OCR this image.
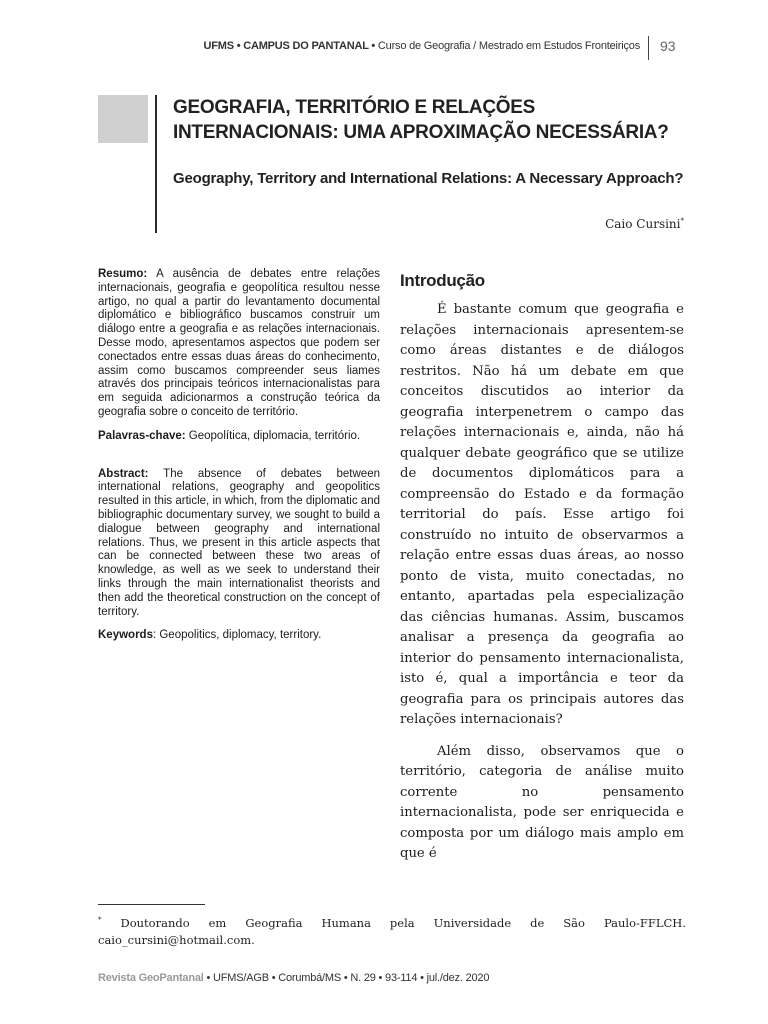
UFMS • CAMPUS DO PANTANAL • Curso de Geografia / Mestrado em Estudos Fronteiriços 93
GEOGRAFIA, TERRITÓRIO E RELAÇÕES INTERNACIONAIS: UMA APROXIMAÇÃO NECESSÁRIA?
Geography, Territory and International Relations: A Necessary Approach?
Caio Cursini*

Resumo: A ausência de debates entre relações internacionais, geografia e geopolítica resultou nesse artigo, no qual a partir do levantamento documental diplomático e bibliográfico buscamos construir um diálogo entre a geografia e as relações internacionais. Desse modo, apresentamos aspectos que podem ser conectados entre essas duas áreas do conhecimento, assim como buscamos compreender seus liames através dos principais teóricos internacionalistas para em seguida adicionarmos a construção teórica da geografia sobre o conceito de território.

Palavras-chave: Geopolítica, diplomacia, território.

Abstract: The absence of debates between international relations, geography and geopolitics resulted in this article, in which, from the diplomatic and bibliographic documentary survey, we sought to build a dialogue between geography and international relations. Thus, we present in this article aspects that can be connected between these two areas of knowledge, as well as we seek to understand their links through the main internationalist theorists and then add the theoretical construction on the concept of territory.

Keywords: Geopolitics, diplomacy, territory.

Introdução

É bastante comum que geografia e relações internacionais apresentem-se como áreas distantes e de diálogos restritos. Não há um debate em que conceitos discutidos ao interior da geografia interpenetrem o campo das relações internacionais e, ainda, não há qualquer debate geográfico que se utilize de documentos diplomáticos para a compreensão do Estado e da formação territorial do país. Esse artigo foi construído no intuito de observarmos a relação entre essas duas áreas, ao nosso ponto de vista, muito conectadas, no entanto, apartadas pela especialização das ciências humanas. Assim, buscamos analisar a presença da geografia ao interior do pensamento internacionalista, isto é, qual a importância e teor da geografia para os principais autores das relações internacionais?

Além disso, observamos que o território, categoria de análise muito corrente no pensamento internacionalista, pode ser enriquecida e composta por um diálogo mais amplo em que é

* Doutorando em Geografia Humana pela Universidade de São Paulo-FFLCH. caio_cursini@hotmail.com.
Revista GeoPantanal • UFMS/AGB • Corumbá/MS • N. 29 • 93-114 • jul./dez. 2020
